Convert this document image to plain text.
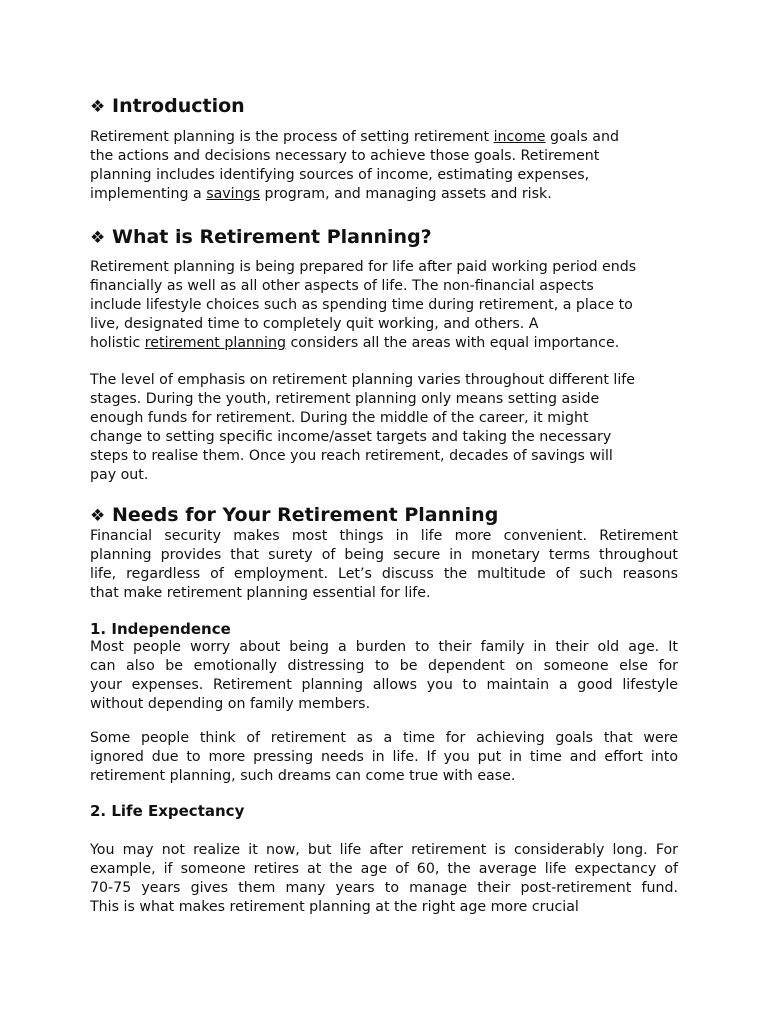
❖ Introduction
Retirement planning is the process of setting retirement income goals and
the actions and decisions necessary to achieve those goals. Retirement
planning includes identifying sources of income, estimating expenses,
implementing a savings program, and managing assets and risk.
❖ What is Retirement Planning?
Retirement planning is being prepared for life after paid working period ends
financially as well as all other aspects of life. The non-financial aspects
include lifestyle choices such as spending time during retirement, a place to
live, designated time to completely quit working, and others. A
holistic retirement planning considers all the areas with equal importance.
The level of emphasis on retirement planning varies throughout different life
stages. During the youth, retirement planning only means setting aside
enough funds for retirement. During the middle of the career, it might
change to setting specific income/asset targets and taking the necessary
steps to realise them. Once you reach retirement, decades of savings will
pay out.
❖ Needs for Your Retirement Planning
Financial security makes most things in life more convenient. Retirement
planning provides that surety of being secure in monetary terms throughout
life, regardless of employment. Let’s discuss the multitude of such reasons
that make retirement planning essential for life.
1. Independence
Most people worry about being a burden to their family in their old age. It
can also be emotionally distressing to be dependent on someone else for
your expenses. Retirement planning allows you to maintain a good lifestyle
without depending on family members.
Some people think of retirement as a time for achieving goals that were
ignored due to more pressing needs in life. If you put in time and effort into
retirement planning, such dreams can come true with ease.
2. Life Expectancy
You may not realize it now, but life after retirement is considerably long. For
example, if someone retires at the age of 60, the average life expectancy of
70-75 years gives them many years to manage their post-retirement fund.
This is what makes retirement planning at the right age more crucial
